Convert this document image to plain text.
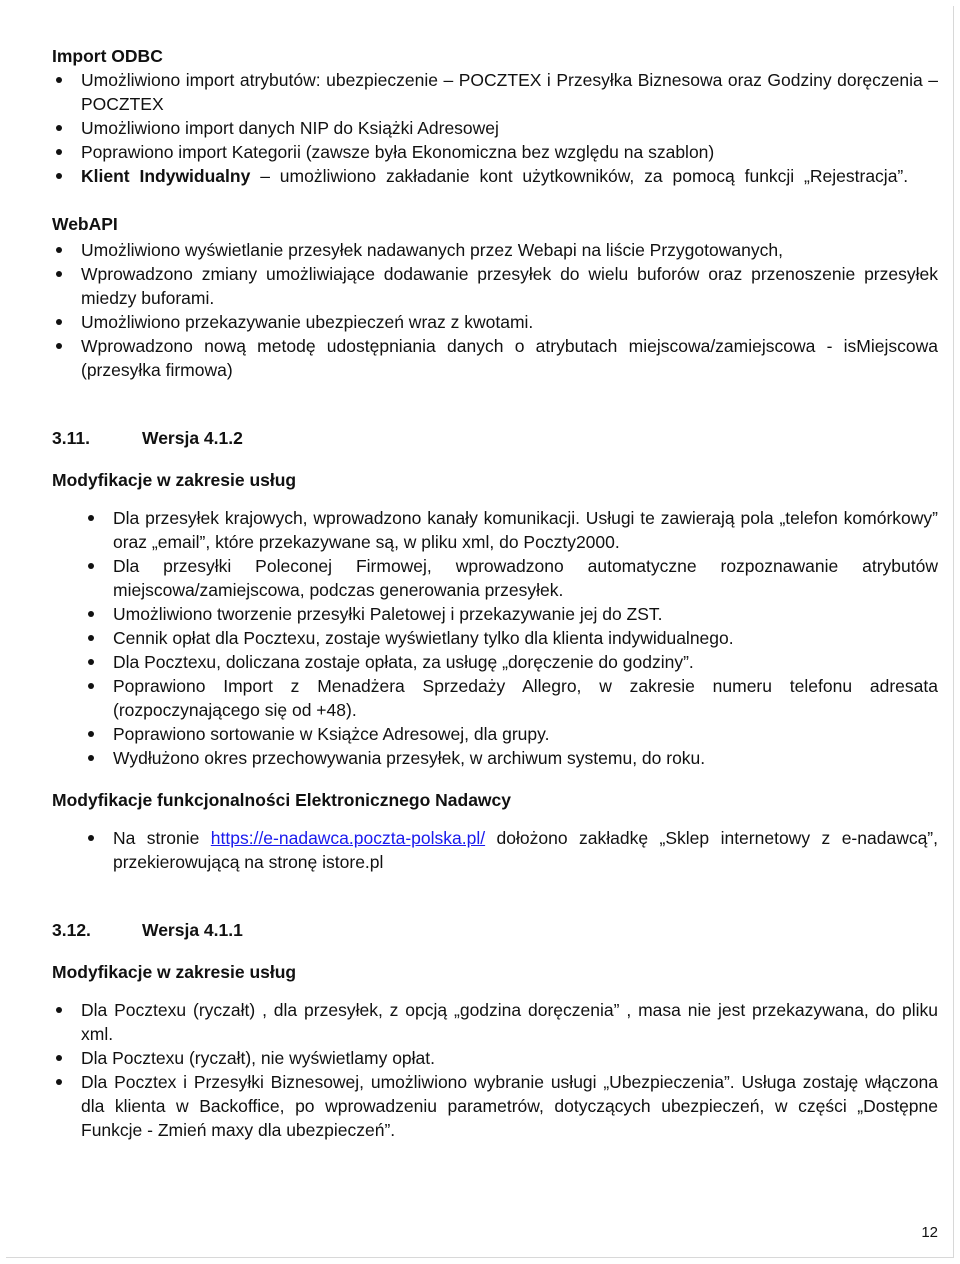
Import ODBC
Umożliwiono import atrybutów: ubezpieczenie – POCZTEX i Przesyłka Biznesowa oraz Godziny doręczenia – POCZTEX
Umożliwiono import danych NIP do Książki Adresowej
Poprawiono import Kategorii (zawsze była Ekonomiczna bez względu na szablon)
Klient Indywidualny – umożliwiono zakładanie kont użytkowników, za pomocą funkcji „Rejestracja”.
WebAPI
Umożliwiono wyświetlanie przesyłek nadawanych przez Webapi na liście Przygotowanych,
Wprowadzono zmiany umożliwiające dodawanie przesyłek do wielu buforów oraz przenoszenie przesyłek miedzy buforami.
Umożliwiono przekazywanie ubezpieczeń wraz z kwotami.
Wprowadzono nową metodę udostępniania danych o atrybutach miejscowa/zamiejscowa - isMiejscowa (przesyłka firmowa)
3.11.	Wersja 4.1.2
Modyfikacje w zakresie usług
Dla przesyłek krajowych, wprowadzono kanały komunikacji. Usługi te zawierają pola „telefon komórkowy” oraz „email”, które przekazywane są, w pliku xml, do Poczty2000.
Dla przesyłki Poleconej Firmowej, wprowadzono automatyczne rozpoznawanie atrybutów miejscowa/zamiejscowa, podczas generowania przesyłek.
Umożliwiono tworzenie przesyłki Paletowej i przekazywanie jej do ZST.
Cennik opłat dla Pocztexu, zostaje wyświetlany tylko dla klienta indywidualnego.
Dla Pocztexu, doliczana zostaje opłata, za usługę „doręczenie do godziny”.
Poprawiono Import z Menadżera Sprzedaży Allegro, w zakresie numeru telefonu adresata (rozpoczynającego się od +48).
Poprawiono sortowanie w Książce Adresowej, dla grupy.
Wydłużono okres przechowywania przesyłek, w archiwum systemu, do roku.
Modyfikacje funkcjonalności Elektronicznego Nadawcy
Na stronie https://e-nadawca.poczta-polska.pl/ dołożono zakładkę „Sklep internetowy z e-nadawcą”, przekierowującą na stronę istore.pl
3.12.	Wersja 4.1.1
Modyfikacje w zakresie usług
Dla Pocztexu (ryczałt) , dla przesyłek, z opcją „godzina doręczenia” , masa nie jest przekazywana, do pliku xml.
Dla Pocztexu (ryczałt), nie wyświetlamy opłat.
Dla Pocztex i Przesyłki Biznesowej, umożliwiono wybranie usługi „Ubezpieczenia”. Usługa zostaję włączona dla klienta w Backoffice, po wprowadzeniu parametrów, dotyczących ubezpieczeń, w części „Dostępne Funkcje - Zmień maxy dla ubezpieczeń”.
12
